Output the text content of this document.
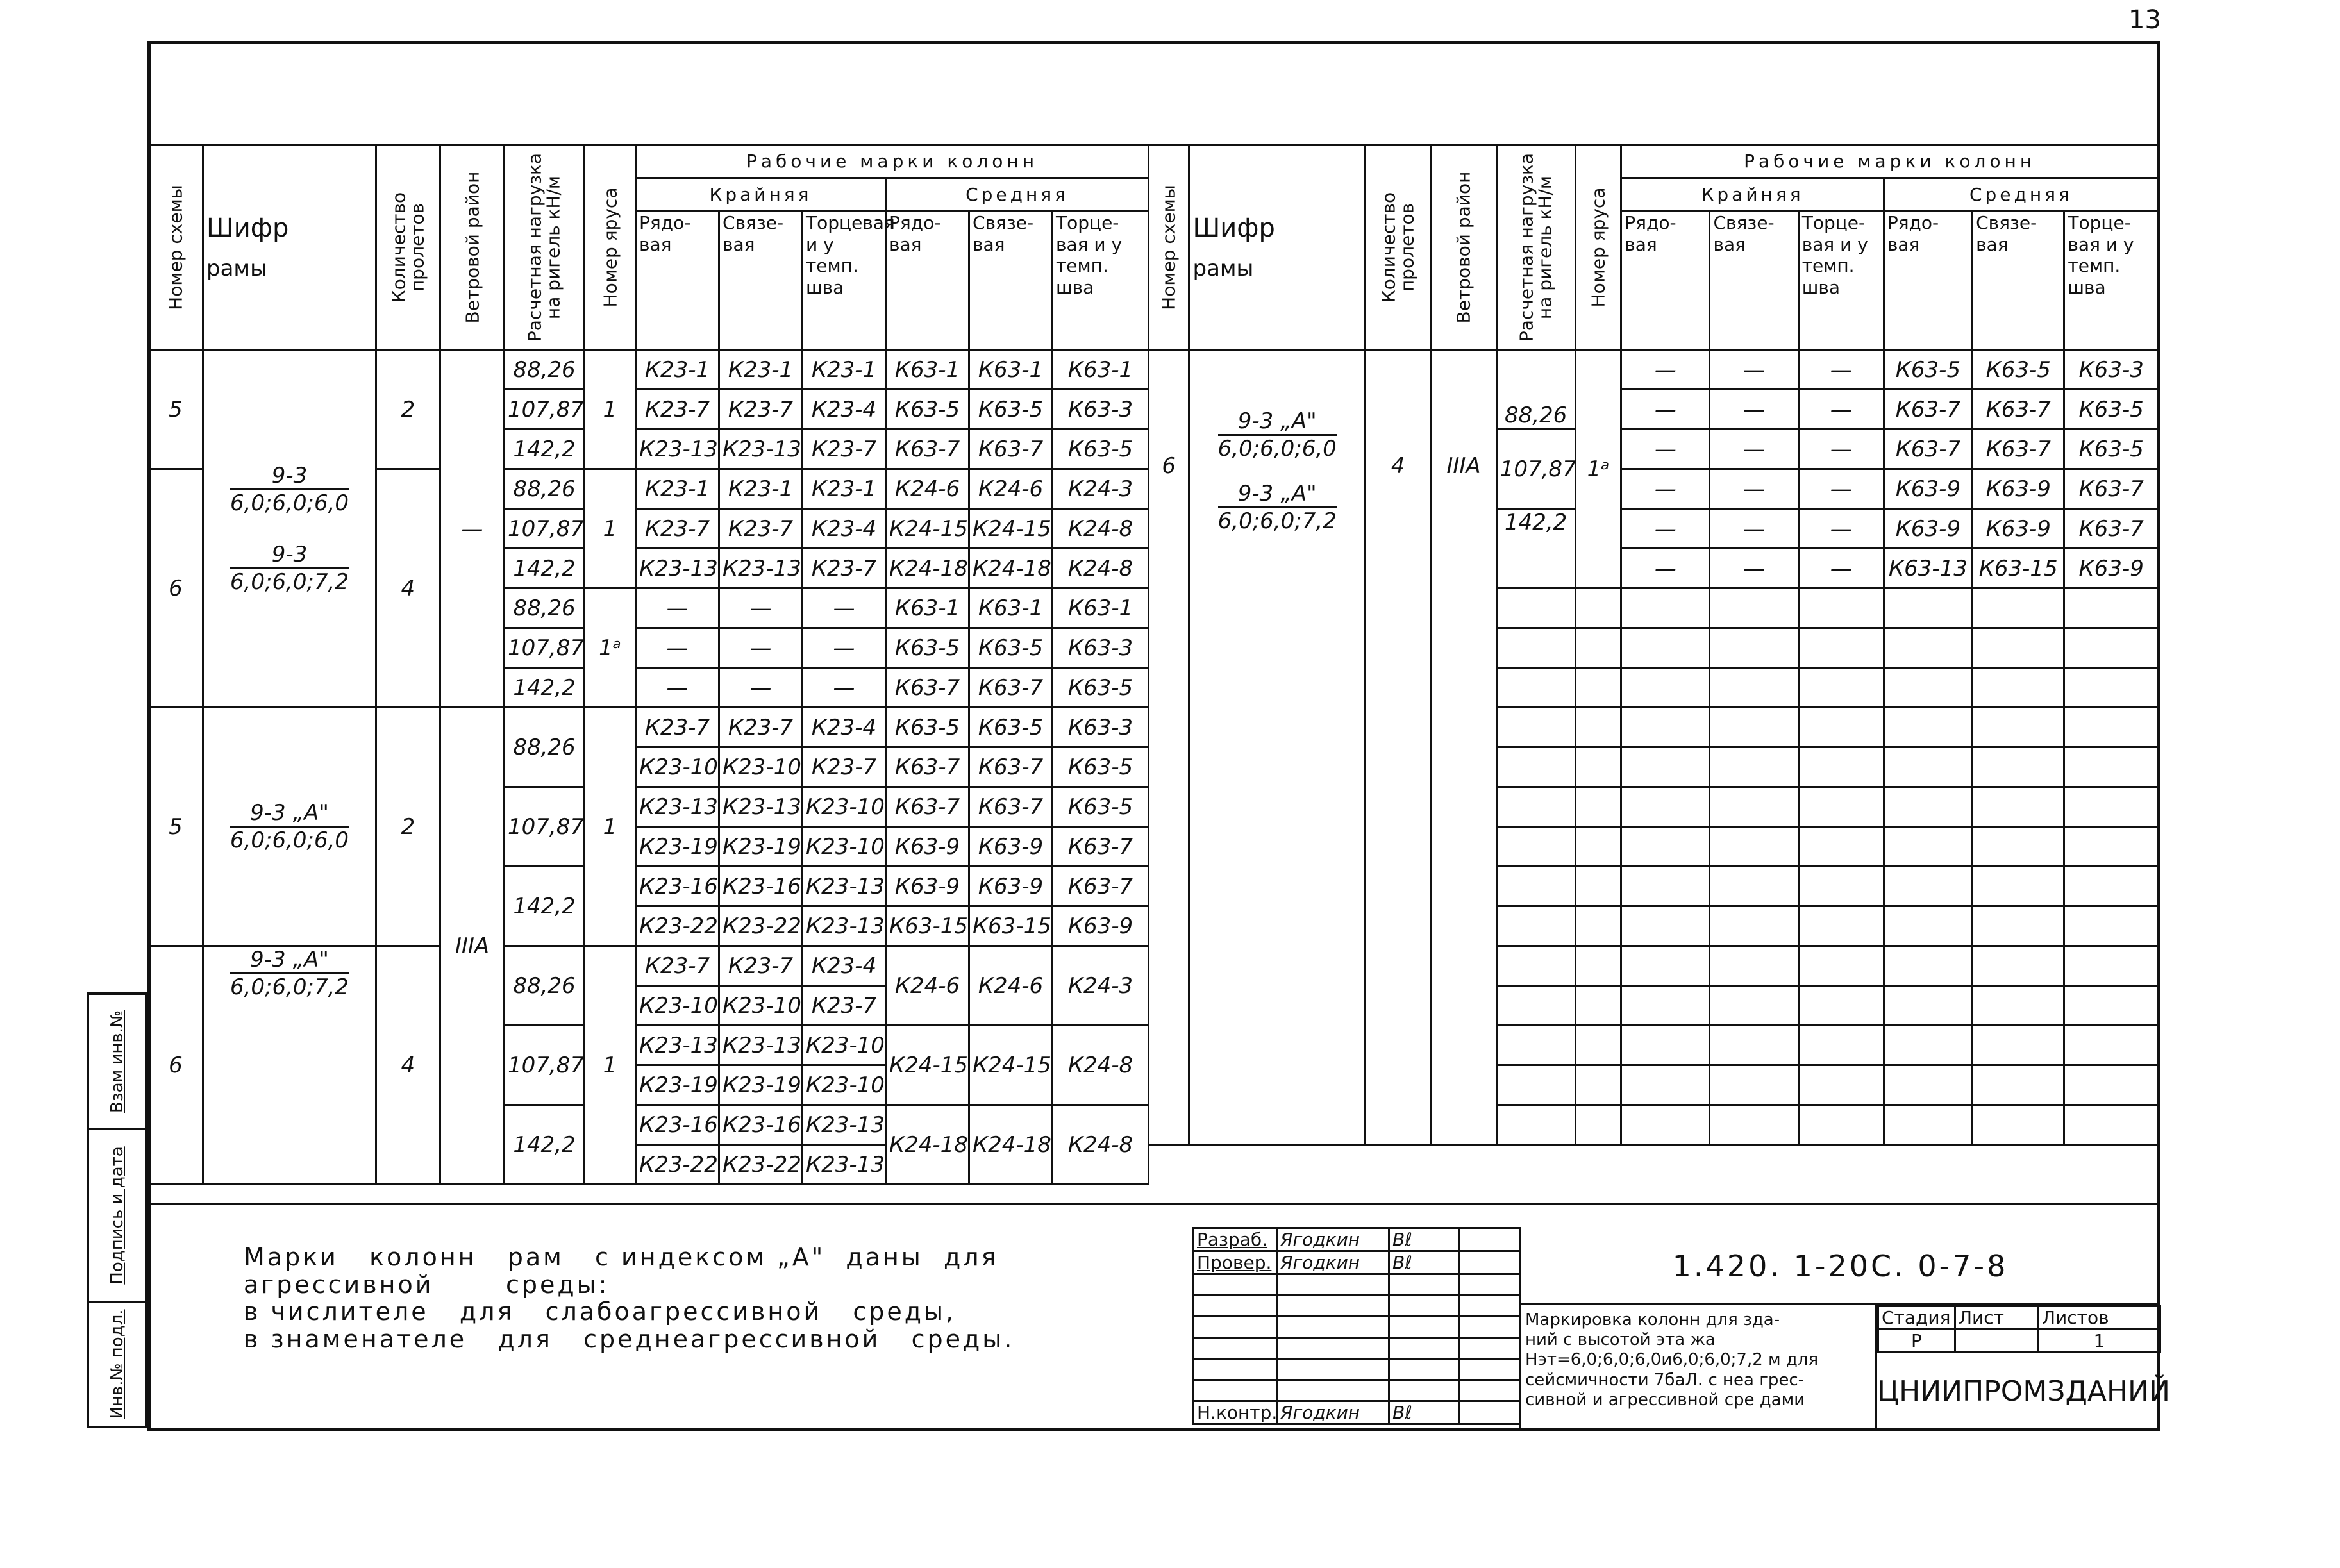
13
Взам инв.№
Подпись и дата
Инв.№ подл.
Номер схемы	Шифр
рамы	Количество пролетов	Ветровой район	Расчетная нагрузка на ригель кН/м	Номер яруса	Рабочие марки колонн					
						Крайняя			Средняя		
						Рядо- вая	Связе- вая	Торцевая и у темп. шва	Рядо- вая	Связе- вая	Торце- вая и у темп. шва
5	$\frac{9-3}{6,0;6,0;6,0}$

$\frac{9-3}{6,0;6,0;7,2}$	2	—	88,26	1	К23-1	К23-1	К23-1	К63-1	К63-1	К63-1
				107,87		К23-7	К23-7	К23-4	К63-5	К63-5	К63-3
				142,2		К23-13	К23-13	К23-7	К63-7	К63-7	К63-5
6		4		88,26	1	К23-1	К23-1	К23-1	К24-6	К24-6	К24-3
				107,87		К23-7	К23-7	К23-4	К24-15	К24-15	К24-8
				142,2		К23-13	К23-13	К23-7	К24-18	К24-18	К24-8
				88,26	1ᵃ	—	—	—	К63-1	К63-1	К63-1
				107,87		—	—	—	К63-5	К63-5	К63-3
				142,2		—	—	—	К63-7	К63-7	К63-5
5	$\frac{9-3 „А"}{6,0;6,0;6,0}$	2	IIIА	88,26	1	К23-7	К23-7	К23-4	К63-5	К63-5	К63-3
						К23-10	К23-10	К23-7	К63-7	К63-7	К63-5
				107,87		К23-13	К23-13	К23-10	К63-7	К63-7	К63-5
						К23-19	К23-19	К23-10	К63-9	К63-9	К63-7
				142,2		К23-16	К23-16	К23-13	К63-9	К63-9	К63-7
						К23-22	К23-22	К23-13	К63-15	К63-15	К63-9
6	$\frac{9-3 „А"}{6,0;6,0;7,2}$	4		88,26	1	К23-7	К23-7	К23-4	К24-6	К24-6	К24-3
						К23-10	К23-10	К23-7			
				107,87		К23-13	К23-13	К23-10	К24-15	К24-15	К24-8
						К23-19	К23-19	К23-10			
				142,2		К23-16	К23-16	К23-13	К24-18	К24-18	К24-8
						К23-22	К23-22	К23-13			
Номер схемы	Шифр
рамы	Количество пролетов	Ветровой район	Расчетная нагрузка на ригель кН/м	Номер яруса	Рабочие марки колонн					
						Крайняя			Средняя		
						Рядо- вая	Связе- вая	Торце- вая и у темп. шва	Рядо- вая	Связе- вая	Торце- вая и у темп. шва
6	$\frac{9-3 „А"}{6,0;6,0;6,0}$

$\frac{9-3 „А"}{6,0;6,0;7,2}$	4	IIIА	88,26	1ᵃ	—	—	—	К63-5	К63-5	К63-3
						—	—	—	К63-7	К63-7	К63-5
				107,87		—	—	—	К63-7	К63-7	К63-5
						—	—	—	К63-9	К63-9	К63-7
				142,2		—	—	—	К63-9	К63-9	К63-7
						—	—	—	К63-13	К63-15	К63-9

Марки   колонн   рам   с индексом „А"  даны  для
агрессивной       среды:
в числителе   для   слабоагрессивной   среды,
в знаменателе   для   среднеагрессивной   среды.
Разраб.	Ягодкин	Вℓ	
Провер.	Ягодкин	Вℓ	

Н.контр.	Ягодкин	Вℓ	
1.420. 1-20С. 0-7-8
Маркировка колонн для зда-
ний с высотой эта жа
Hэт=6,0;6,0;6,0и6,0;6,0;7,2 м для
сейсмичности 7баЛ. с неа грес-
сивной и агрессивной сре дами
Стадия	Лист	Листов
Р		1
ЦНИИПРОМЗДАНИЙ
